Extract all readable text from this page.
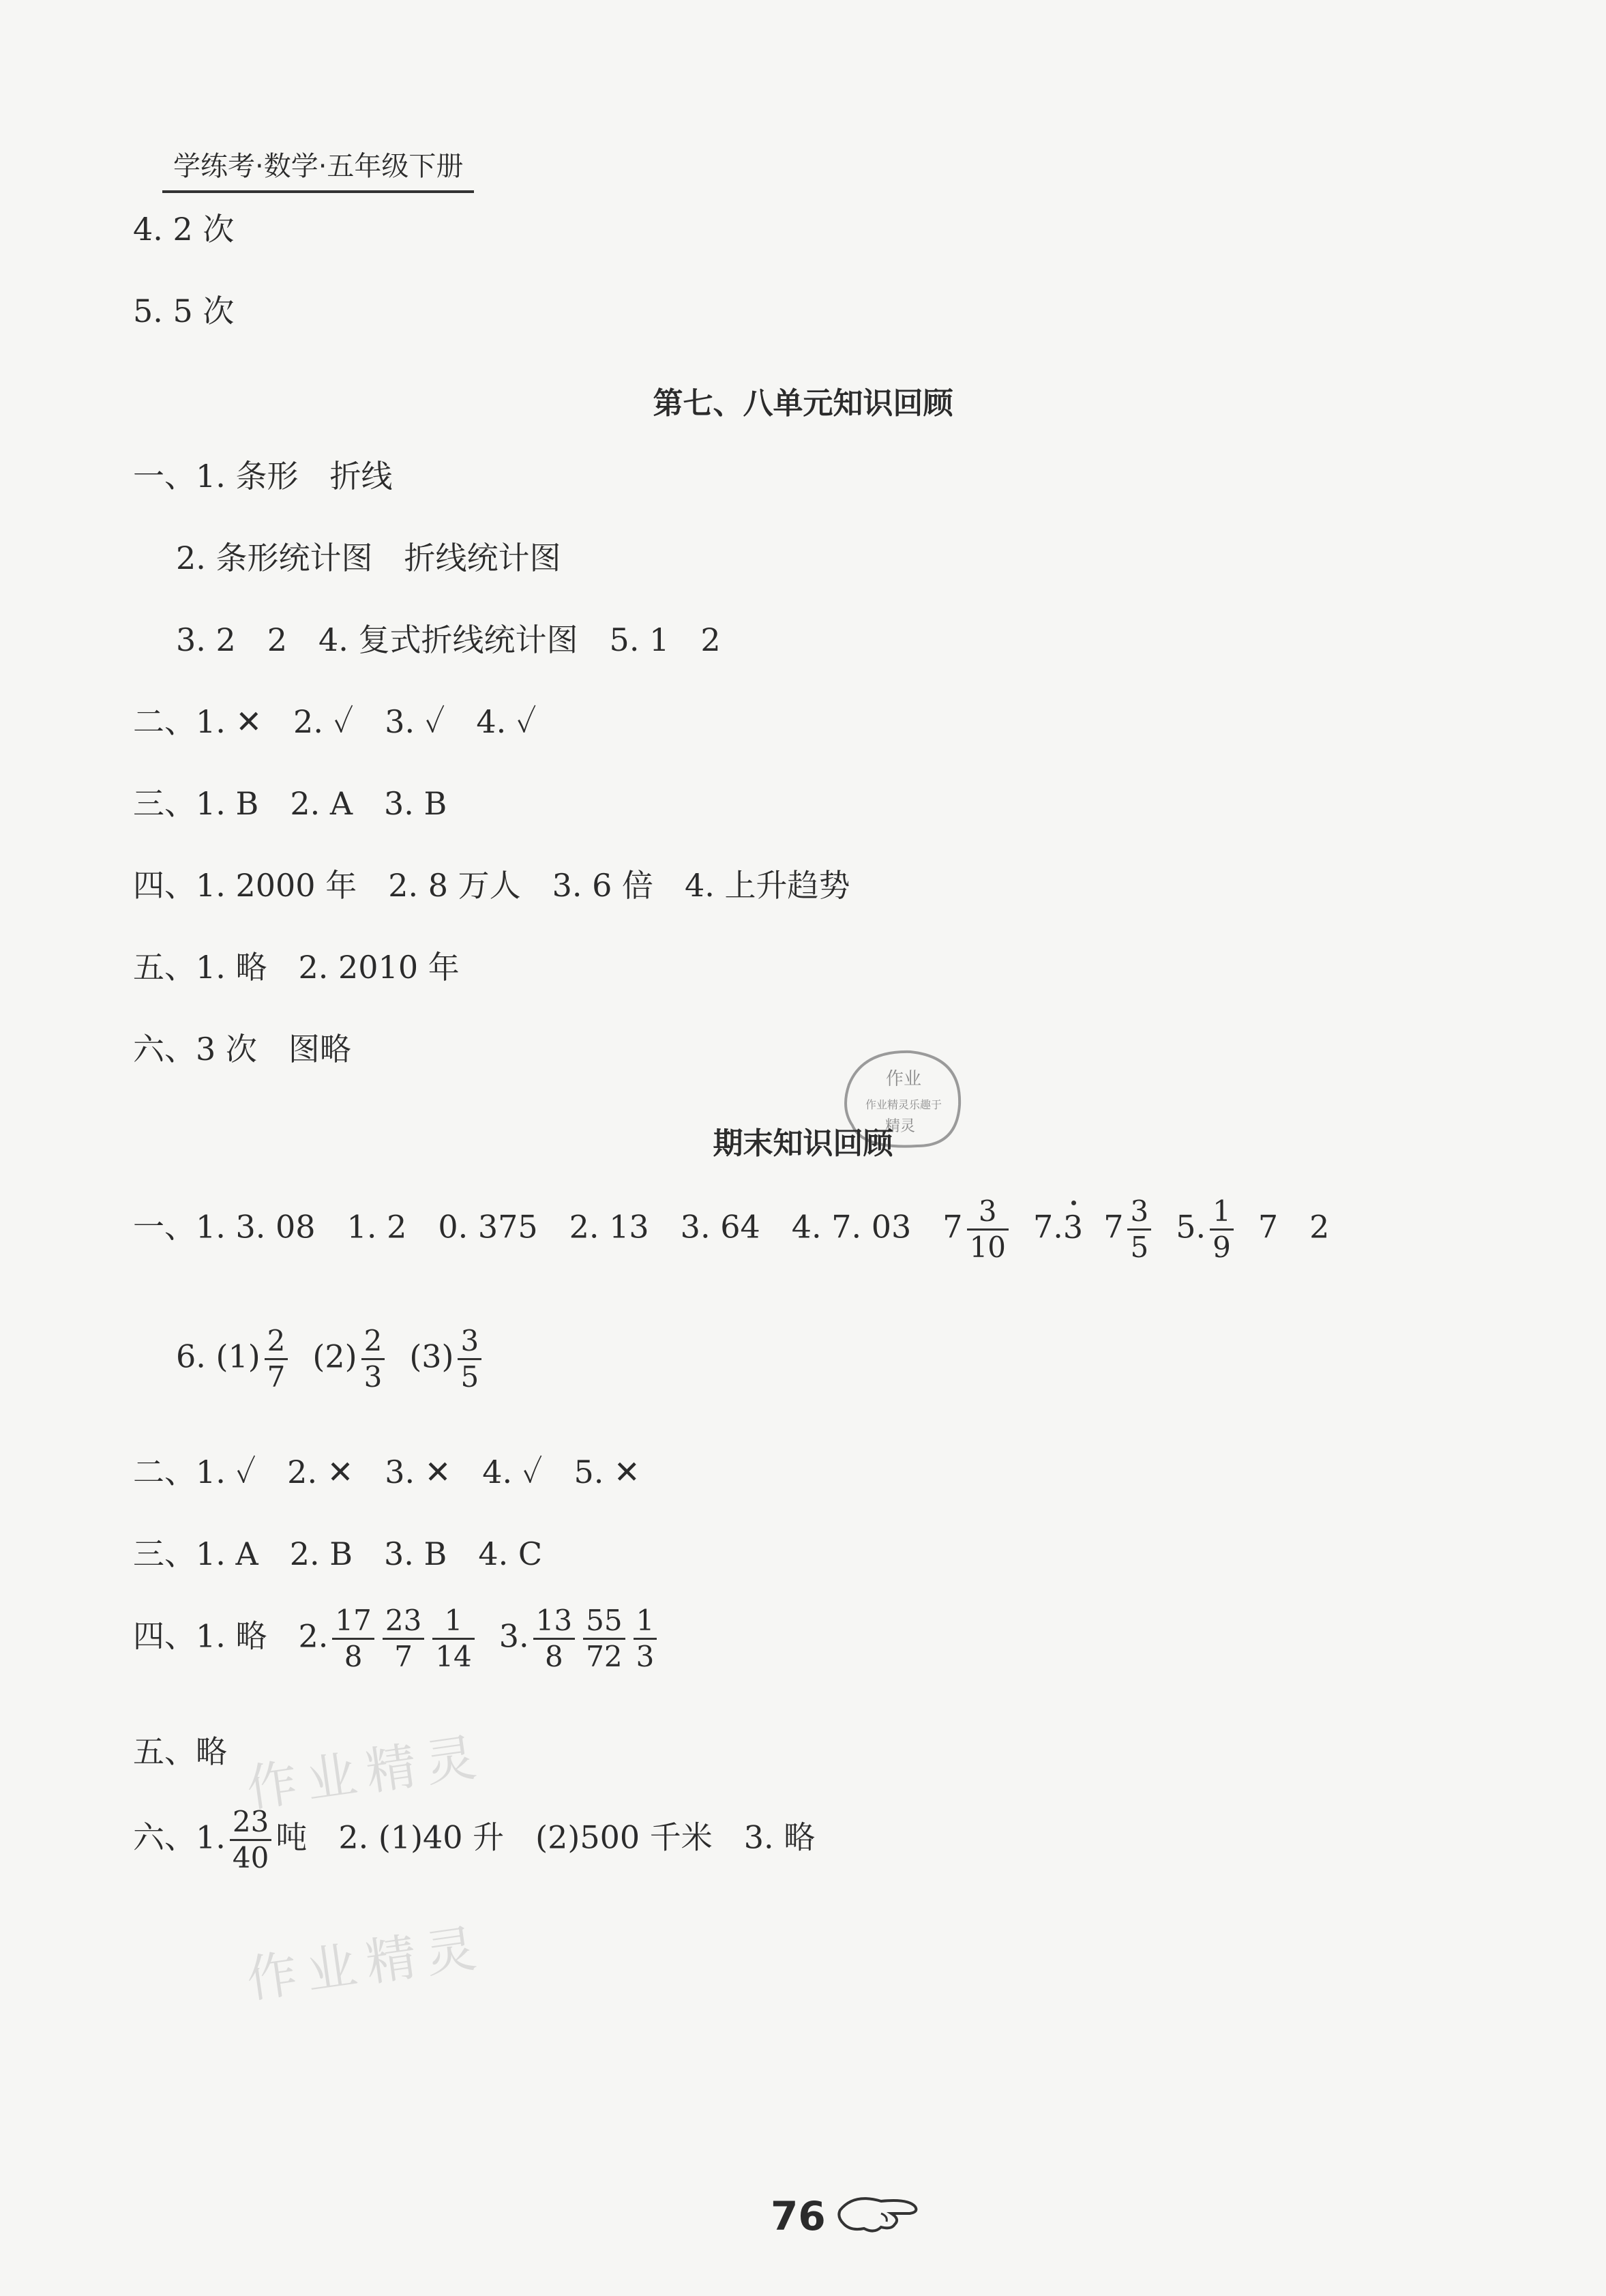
学练考·数学·五年级下册
4. 2 次
5. 5 次
第七、八单元知识回顾
一、1. 条形　折线
2. 条形统计图　折线统计图
3. 2　2　4. 复式折线统计图　5. 1　2
二、1. ✕　2. ✓　3. ✓　4. ✓
三、1. B　2. A　3. B
四、1. 2000 年　2. 8 万人　3. 6 倍　4. 上升趋势
五、1. 略　2. 2010 年
六、3 次　图略
作业
作业精灵乐趣于
精灵
期末知识回顾
一、1. 3. 08　1. 2　0. 375　2. 13　3. 64　4. 7. 03　$7 \frac{3}{10} 7.3$ $7 \frac{3}{5} 5$. $\frac{1}{9} 7$　2
6. $(1) \frac{2}{7} (2) \frac{2}{3} (3) \frac{3}{5}$
二、1. ✓　2. ✕　3. ✕　4. ✓　5. ✕
三、1. A　2. B　3. B　4. C
四、1. 略　2. $\frac{17}{8} \frac{23}{7} \frac{1}{14} 3$. $\frac{13}{8} \frac{55}{72} \frac{1}{3}$
五、略
六、1. $\frac{23}{40}$ 吨　2. (1)40 升　(2)500 千米　3. 略
作业精灵
作业精灵
76
